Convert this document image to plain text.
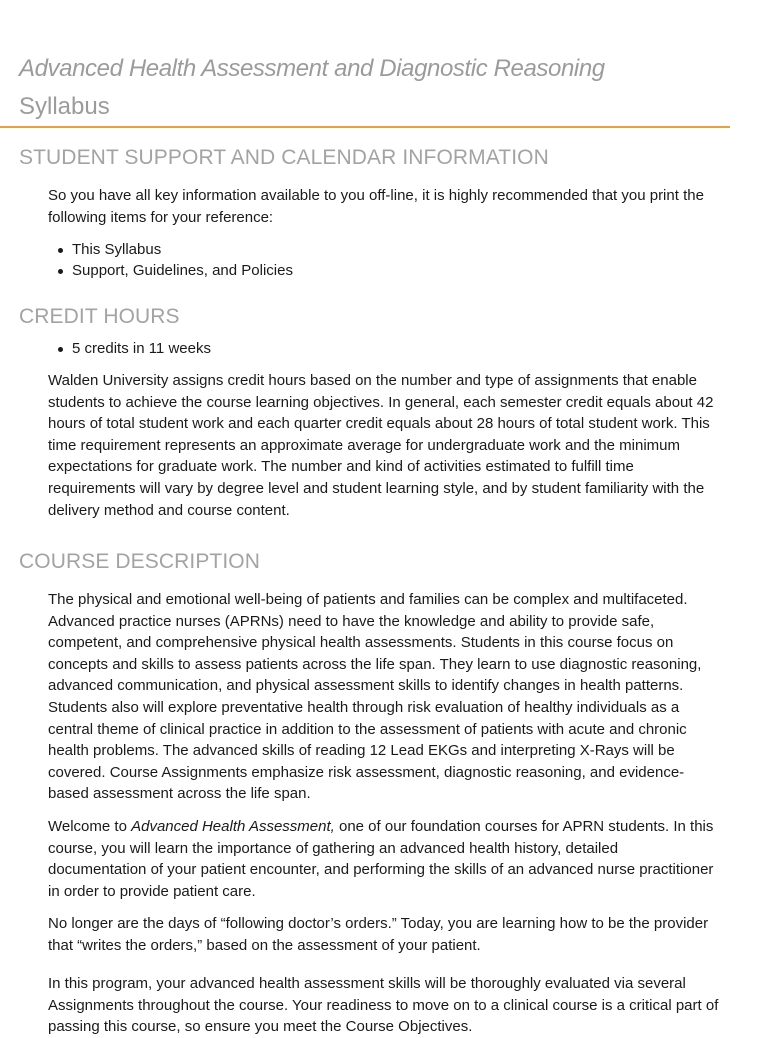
Advanced Health Assessment and Diagnostic Reasoning
Syllabus
STUDENT SUPPORT AND CALENDAR INFORMATION

So you have all key information available to you off-line, it is highly recommended that you print the following items for your reference:

This Syllabus
Support, Guidelines, and Policies
CREDIT HOURS
5 credits in 11 weeks

Walden University assigns credit hours based on the number and type of assignments that enable students to achieve the course learning objectives. In general, each semester credit equals about 42 hours of total student work and each quarter credit equals about 28 hours of total student work. This time requirement represents an approximate average for undergraduate work and the minimum expectations for graduate work. The number and kind of activities estimated to fulfill time requirements will vary by degree level and student learning style, and by student familiarity with the delivery method and course content.

COURSE DESCRIPTION

The physical and emotional well-being of patients and families can be complex and multifaceted. Advanced practice nurses (APRNs) need to have the knowledge and ability to provide safe, competent, and comprehensive physical health assessments. Students in this course focus on concepts and skills to assess patients across the life span. They learn to use diagnostic reasoning, advanced communication, and physical assessment skills to identify changes in health patterns. Students also will explore preventative health through risk evaluation of healthy individuals as a central theme of clinical practice in addition to the assessment of patients with acute and chronic health problems. The advanced skills of reading 12 Lead EKGs and interpreting X-Rays will be covered. Course Assignments emphasize risk assessment, diagnostic reasoning, and evidence-based assessment across the life span.

Welcome to Advanced Health Assessment, one of our foundation courses for APRN students. In this course, you will learn the importance of gathering an advanced health history, detailed documentation of your patient encounter, and performing the skills of an advanced nurse practitioner in order to provide patient care.

No longer are the days of “following doctor’s orders.” Today, you are learning how to be the provider that “writes the orders,” based on the assessment of your patient.

In this program, your advanced health assessment skills will be thoroughly evaluated via several Assignments throughout the course. Your readiness to move on to a clinical course is a critical part of passing this course, so ensure you meet the Course Objectives.
